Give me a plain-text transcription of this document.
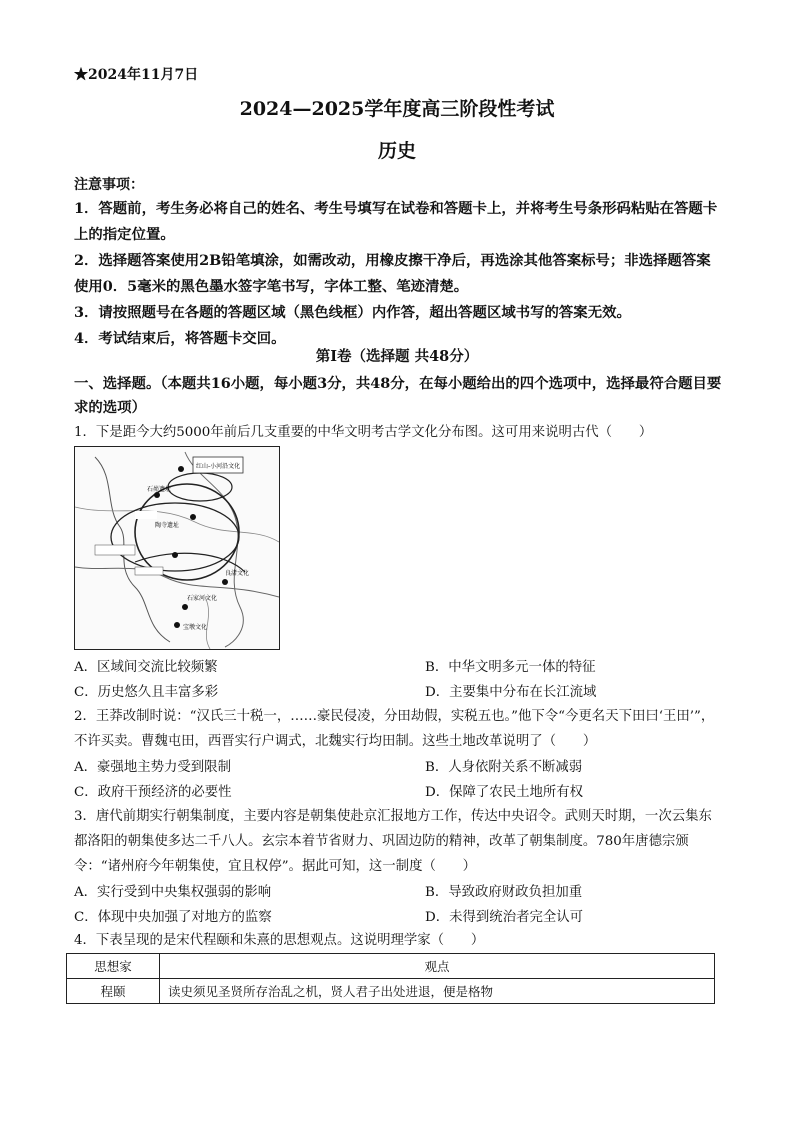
★2024年11月7日
2024—2025学年度高三阶段性考试
历史
注意事项：

1．答题前，考生务必将自己的姓名、考生号填写在试卷和答题卡上，并将考生号条形码粘贴在答题卡上的指定位置。

2．选择题答案使用2B铅笔填涂，如需改动，用橡皮擦干净后，再选涂其他答案标号；非选择题答案使用0．5毫米的黑色墨水签字笔书写，字体工整、笔迹清楚。

3．请按照题号在各题的答题区域（黑色线框）内作答，超出答题区域书写的答案无效。

4．考试结束后，将答题卡交回。

第Ⅰ卷（选择题 共48分）
一、选择题。（本题共16小题，每小题3分，共48分，在每小题给出的四个选项中，选择最符合题目要求的选项）
1．下是距今大约5000年前后几支重要的中华文明考古学文化分布图。这可用来说明古代（　　）
红山-小河沿文化
石峁遗址
陶寺遗址
良渚文化
石家河文化
宝墩文化
A．区域间交流比较频繁	B．中华文明多元一体的特征
C．历史悠久且丰富多彩	D．主要集中分布在长江流域
2．王莽改制时说：“汉氏三十税一，……豪民侵凌，分田劫假，实税五也。”他下令“今更名天下田曰‘王田’”，不许买卖。曹魏屯田，西晋实行户调式，北魏实行均田制。这些土地改革说明了（　　）
A．豪强地主势力受到限制	B．人身依附关系不断减弱
C．政府干预经济的必要性	D．保障了农民土地所有权
3．唐代前期实行朝集制度，主要内容是朝集使赴京汇报地方工作，传达中央诏令。武则天时期，一次云集东都洛阳的朝集使多达二千八人。玄宗本着节省财力、巩固边防的精神，改革了朝集制度。780年唐德宗颁令：“诸州府今年朝集使，宜且权停”。据此可知，这一制度（　　）
A．实行受到中央集权强弱的影响	B．导致政府财政负担加重
C．体现中央加强了对地方的监察	D．未得到统治者完全认可
4．下表呈现的是宋代程颐和朱熹的思想观点。这说明理学家（　　）
思想家	观点
程颐	读史须见圣贤所存治乱之机，贤人君子出处进退，便是格物
